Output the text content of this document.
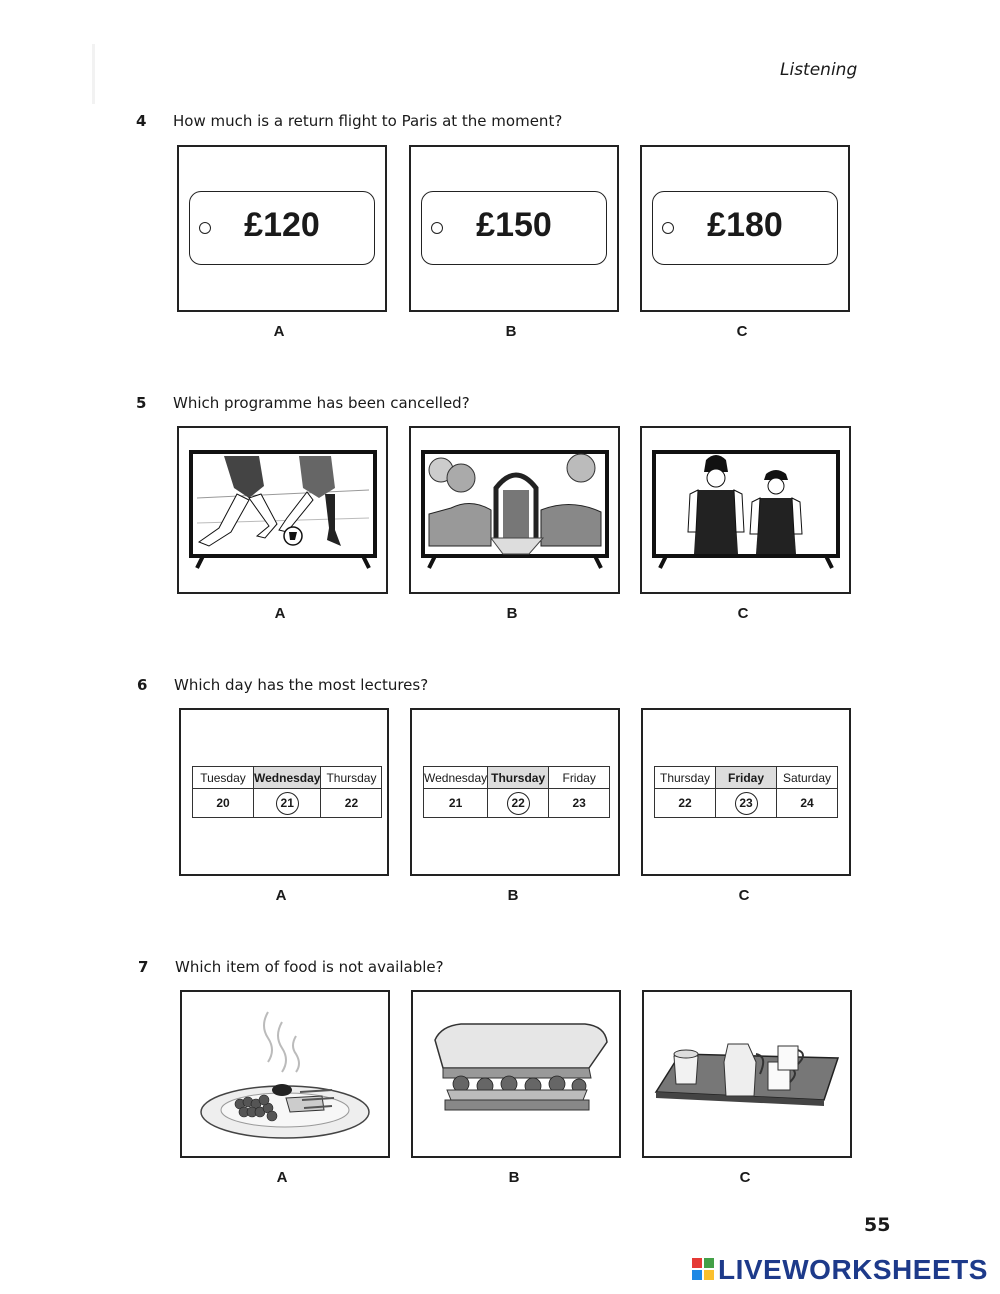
Listening
4 How much is a return flight to Paris at the moment?
£120	£150	£180
A	B	C
5 Which programme has been cancelled?
A	B	C
6 Which day has the most lectures?
Tuesday	Wednesday	Thursday
20	21	22
Wednesday	Thursday	Friday
21	22	23
Thursday	Friday	Saturday
22	23	24
A	B	C
7 Which item of food is not available?
A	B	C
55
LIVEWORKSHEETS
